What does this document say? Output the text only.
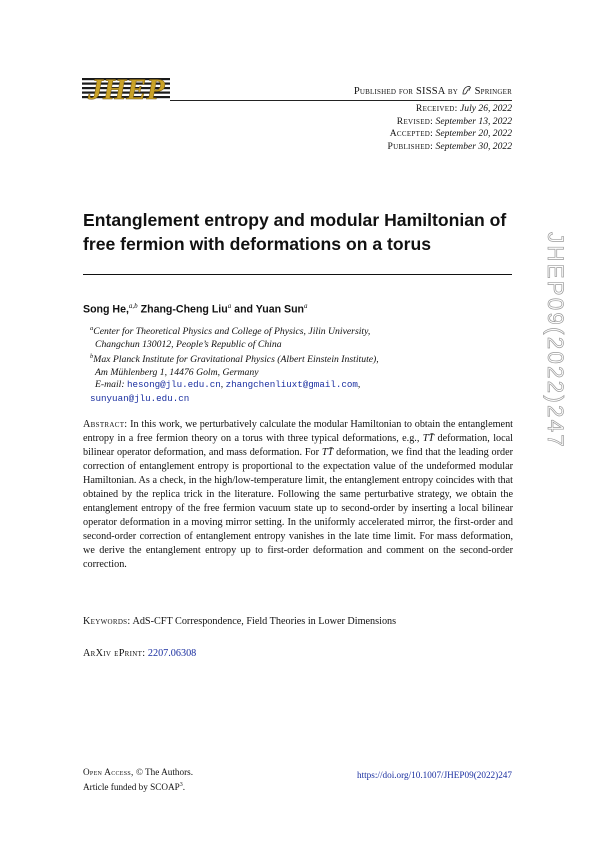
JHEP	Published for SISSA by Springer
Received: July 26, 2022
Revised: September 13, 2022
Accepted: September 20, 2022
Published: September 30, 2022
Entanglement entropy and modular Hamiltonian of
free fermion with deformations on a torus
Song He,$^{a,b}$ Zhang-Cheng Liu$^a$ and Yuan Sun$^a$
$^a$Center for Theoretical Physics and College of Physics, Jilin University,
Changchun 130012, People’s Republic of China
$^b$Max Planck Institute for Gravitational Physics (Albert Einstein Institute),
Am Mühlenberg 1, 14476 Golm, Germany
E-mail: hesong@jlu.edu.cn, zhangchenliuxt@gmail.com,
sunyuan@jlu.edu.cn
Abstract: In this work, we perturbatively calculate the modular Hamiltonian to obtain the entanglement entropy in a free fermion theory on a torus with three typical deformations, e.g., TT̄ deformation, local bilinear operator deformation, and mass deformation. For TT̄ deformation, we find that the leading order correction of entanglement entropy is proportional to the expectation value of the undeformed modular Hamiltonian. As a check, in the high/low-temperature limit, the entanglement entropy coincides with that obtained by the replica trick in the literature. Following the same perturbative strategy, we obtain the entanglement entropy of the free fermion vacuum state up to second-order by inserting a local bilinear operator deformation in a moving mirror setting. In the uniformly accelerated mirror, the first-order and second-order correction of entanglement entropy vanishes in the late time limit. For mass deformation, we derive the entanglement entropy up to first-order deformation and comment on the second-order correction.
Keywords: AdS-CFT Correspondence, Field Theories in Lower Dimensions
ArXiv ePrint: 2207.06308
Open Access, © The Authors.
Article funded by SCOAP$^3$.
https://doi.org/10.1007/JHEP09(2022)247
JHEP09(2022)247
